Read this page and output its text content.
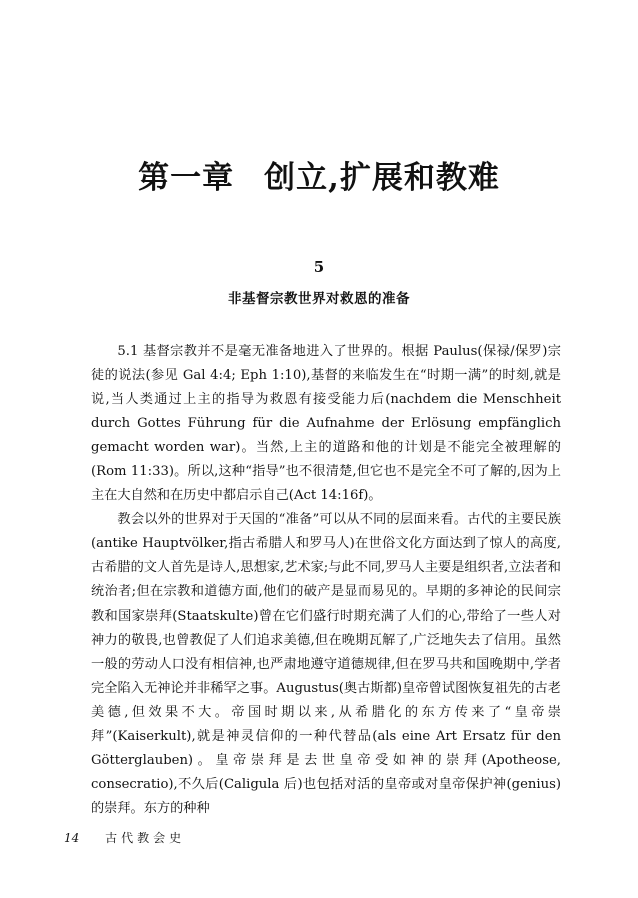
第一章 创立,扩展和教难
5
非基督宗教世界对救恩的准备

5.1 基督宗教并不是毫无准备地进入了世界的。根据 Paulus(保禄/保罗)宗徒的说法(参见 Gal 4:4; Eph 1:10),基督的来临发生在“时期一满”的时刻,就是说,当人类通过上主的指导为救恩有接受能力后(nachdem die Menschheit durch Gottes Führung für die Aufnahme der Erlösung empfänglich gemacht worden war)。当然,上主的道路和他的计划是不能完全被理解的(Rom 11:33)。所以,这种“指导”也不很清楚,但它也不是完全不可了解的,因为上主在大自然和在历史中都启示自己(Act 14:16f)。

教会以外的世界对于天国的“准备”可以从不同的层面来看。古代的主要民族(antike Hauptvölker,指古希腊人和罗马人)在世俗文化方面达到了惊人的高度,古希腊的文人首先是诗人,思想家,艺术家;与此不同,罗马人主要是组织者,立法者和统治者;但在宗教和道德方面,他们的破产是显而易见的。早期的多神论的民间宗教和国家崇拜(Staatskulte)曾在它们盛行时期充满了人们的心,带给了一些人对神力的敬畏,也曾教促了人们追求美德,但在晚期瓦解了,广泛地失去了信用。虽然一般的劳动人口没有相信神,也严肃地遵守道德规律,但在罗马共和国晚期中,学者完全陷入无神论并非稀罕之事。Augustus(奥古斯都)皇帝曾试图恢复祖先的古老美德,但效果不大。帝国时期以来,从希腊化的东方传来了“皇帝崇拜”(Kaiserkult),就是神灵信仰的一种代替品(als eine Art Ersatz für den Götterglauben)。皇帝崇拜是去世皇帝受如神的崇拜(Apotheose, consecratio),不久后(Caligula 后)也包括对活的皇帝或对皇帝保护神(genius)的崇拜。东方的种种

14 古代教会史
